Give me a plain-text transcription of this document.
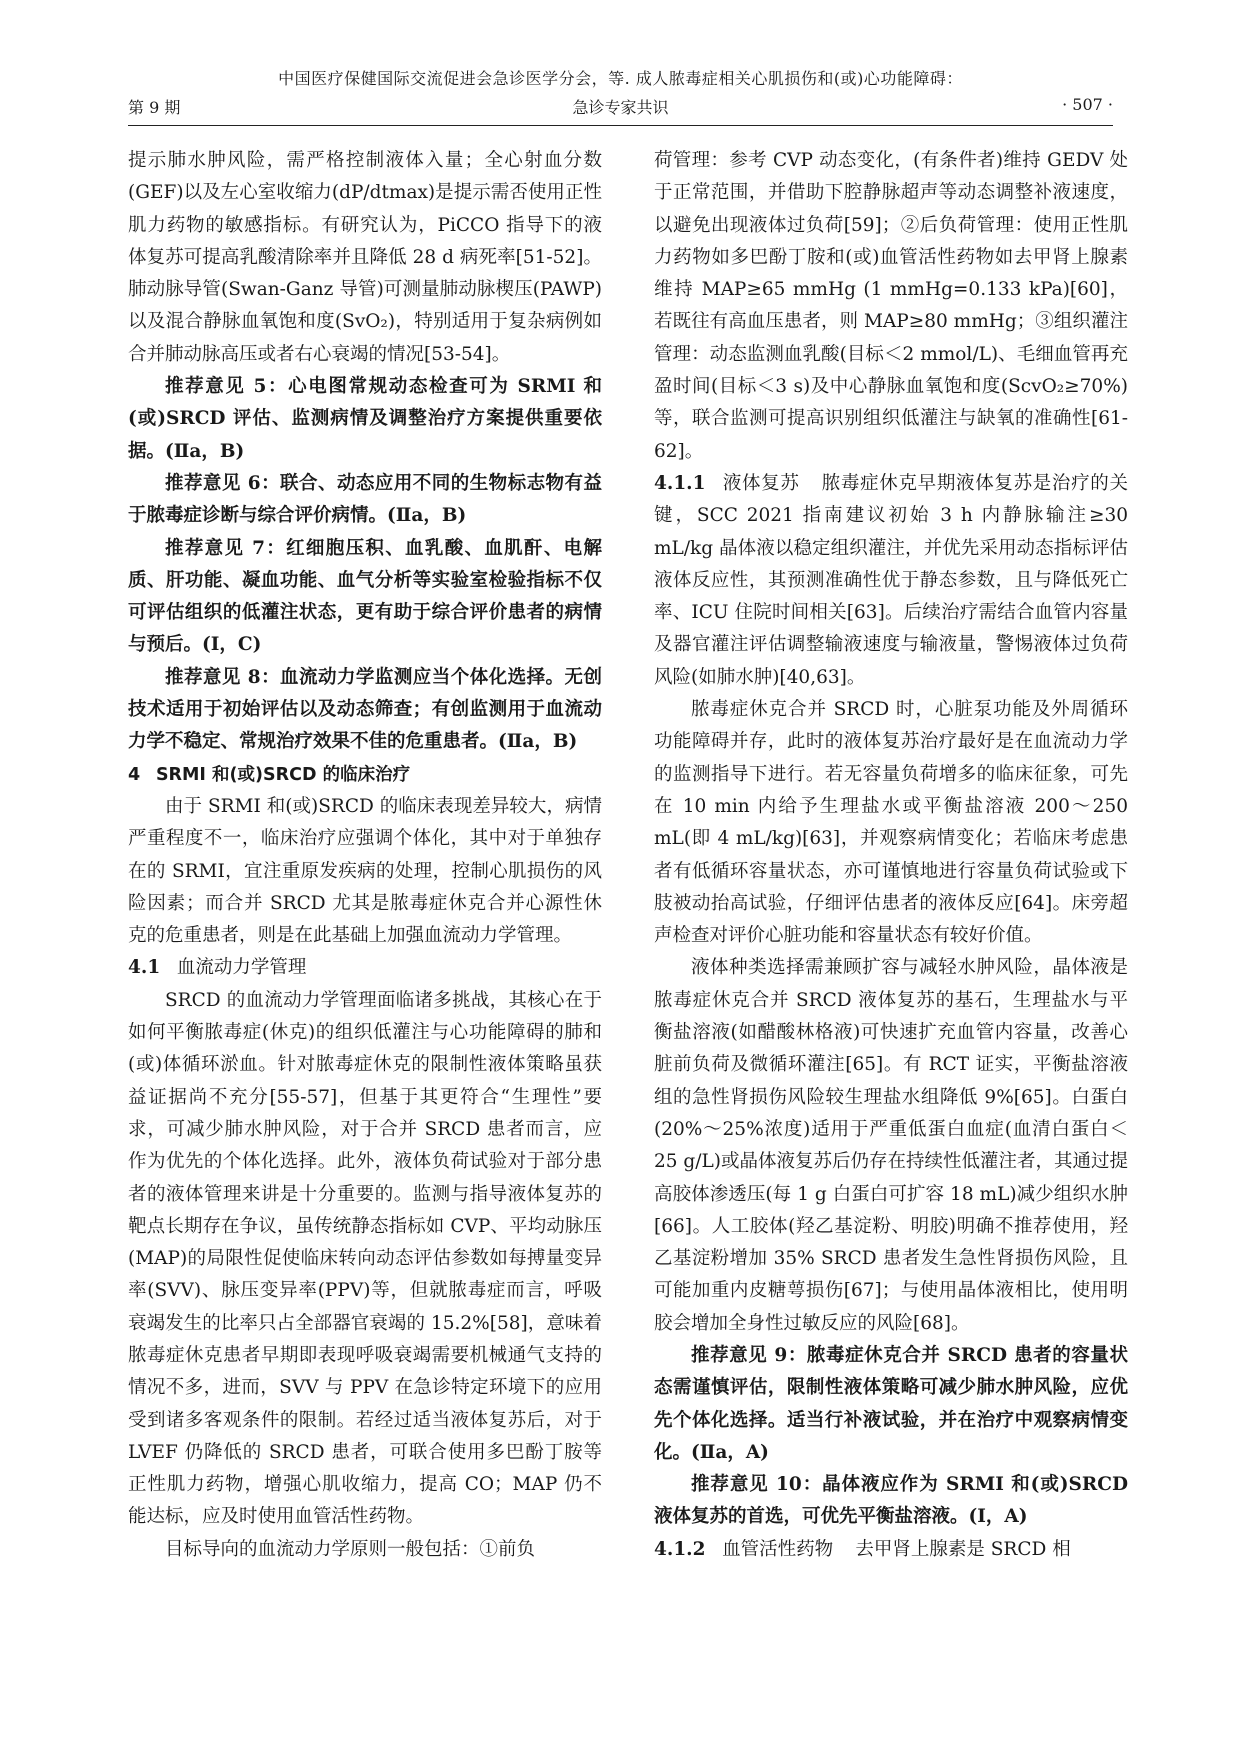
中国医疗保健国际交流促进会急诊医学分会，等. 成人脓毒症相关心肌损伤和(或)心功能障碍：
第 9 期	急诊专家共识	· 507 ·

提示肺水肿风险，需严格控制液体入量；全心射血分数(GEF)以及左心室收缩力(dP/dtmax)是提示需否使用正性肌力药物的敏感指标。有研究认为，PiCCO 指导下的液体复苏可提高乳酸清除率并且降低 28 d 病死率[51-52]。肺动脉导管(Swan-Ganz 导管)可测量肺动脉楔压(PAWP)以及混合静脉血氧饱和度(SvO₂)，特别适用于复杂病例如合并肺动脉高压或者右心衰竭的情况[53-54]。

推荐意见 5：心电图常规动态检查可为 SRMI 和(或)SRCD 评估、监测病情及调整治疗方案提供重要依据。(Ⅱa，B)

推荐意见 6：联合、动态应用不同的生物标志物有益于脓毒症诊断与综合评价病情。(Ⅱa，B)

推荐意见 7：红细胞压积、血乳酸、血肌酐、电解质、肝功能、凝血功能、血气分析等实验室检验指标不仅可评估组织的低灌注状态，更有助于综合评价患者的病情与预后。(Ⅰ，C)

推荐意见 8：血流动力学监测应当个体化选择。无创技术适用于初始评估以及动态筛查；有创监测用于血流动力学不稳定、常规治疗效果不佳的危重患者。(Ⅱa，B)

4 SRMI 和(或)SRCD 的临床治疗

由于 SRMI 和(或)SRCD 的临床表现差异较大，病情严重程度不一，临床治疗应强调个体化，其中对于单独存在的 SRMI，宜注重原发疾病的处理，控制心肌损伤的风险因素；而合并 SRCD 尤其是脓毒症休克合并心源性休克的危重患者，则是在此基础上加强血流动力学管理。

4.1 血流动力学管理

SRCD 的血流动力学管理面临诸多挑战，其核心在于如何平衡脓毒症(休克)的组织低灌注与心功能障碍的肺和(或)体循环淤血。针对脓毒症休克的限制性液体策略虽获益证据尚不充分[55-57]，但基于其更符合“生理性”要求，可减少肺水肿风险，对于合并 SRCD 患者而言，应作为优先的个体化选择。此外，液体负荷试验对于部分患者的液体管理来讲是十分重要的。监测与指导液体复苏的靶点长期存在争议，虽传统静态指标如 CVP、平均动脉压(MAP)的局限性促使临床转向动态评估参数如每搏量变异率(SVV)、脉压变异率(PPV)等，但就脓毒症而言，呼吸衰竭发生的比率只占全部器官衰竭的 15.2%[58]，意味着脓毒症休克患者早期即表现呼吸衰竭需要机械通气支持的情况不多，进而，SVV 与 PPV 在急诊特定环境下的应用受到诸多客观条件的限制。若经过适当液体复苏后，对于 LVEF 仍降低的 SRCD 患者，可联合使用多巴酚丁胺等正性肌力药物，增强心肌收缩力，提高 CO；MAP 仍不能达标，应及时使用血管活性药物。

目标导向的血流动力学原则一般包括：①前负

荷管理：参考 CVP 动态变化，(有条件者)维持 GEDV 处于正常范围，并借助下腔静脉超声等动态调整补液速度，以避免出现液体过负荷[59]；②后负荷管理：使用正性肌力药物如多巴酚丁胺和(或)血管活性药物如去甲肾上腺素维持 MAP≥65 mmHg (1 mmHg=0.133 kPa)[60]，若既往有高血压患者，则 MAP≥80 mmHg；③组织灌注管理：动态监测血乳酸(目标＜2 mmol/L)、毛细血管再充盈时间(目标＜3 s)及中心静脉血氧饱和度(ScvO₂≥70%)等，联合监测可提高识别组织低灌注与缺氧的准确性[61-62]。

4.1.1 液体复苏 脓毒症休克早期液体复苏是治疗的关键，SCC 2021 指南建议初始 3 h 内静脉输注≥30 mL/kg 晶体液以稳定组织灌注，并优先采用动态指标评估液体反应性，其预测准确性优于静态参数，且与降低死亡率、ICU 住院时间相关[63]。后续治疗需结合血管内容量及器官灌注评估调整输液速度与输液量，警惕液体过负荷风险(如肺水肿)[40,63]。

脓毒症休克合并 SRCD 时，心脏泵功能及外周循环功能障碍并存，此时的液体复苏治疗最好是在血流动力学的监测指导下进行。若无容量负荷增多的临床征象，可先在 10 min 内给予生理盐水或平衡盐溶液 200～250 mL(即 4 mL/kg)[63]，并观察病情变化；若临床考虑患者有低循环容量状态，亦可谨慎地进行容量负荷试验或下肢被动抬高试验，仔细评估患者的液体反应[64]。床旁超声检查对评价心脏功能和容量状态有较好价值。

液体种类选择需兼顾扩容与减轻水肿风险，晶体液是脓毒症休克合并 SRCD 液体复苏的基石，生理盐水与平衡盐溶液(如醋酸林格液)可快速扩充血管内容量，改善心脏前负荷及微循环灌注[65]。有 RCT 证实，平衡盐溶液组的急性肾损伤风险较生理盐水组降低 9%[65]。白蛋白(20%～25%浓度)适用于严重低蛋白血症(血清白蛋白＜25 g/L)或晶体液复苏后仍存在持续性低灌注者，其通过提高胶体渗透压(每 1 g 白蛋白可扩容 18 mL)减少组织水肿[66]。人工胶体(羟乙基淀粉、明胶)明确不推荐使用，羟乙基淀粉增加 35% SRCD 患者发生急性肾损伤风险，且可能加重内皮糖萼损伤[67]；与使用晶体液相比，使用明胶会增加全身性过敏反应的风险[68]。

推荐意见 9：脓毒症休克合并 SRCD 患者的容量状态需谨慎评估，限制性液体策略可减少肺水肿风险，应优先个体化选择。适当行补液试验，并在治疗中观察病情变化。(Ⅱa，A)

推荐意见 10：晶体液应作为 SRMI 和(或)SRCD 液体复苏的首选，可优先平衡盐溶液。(Ⅰ，A)

4.1.2 血管活性药物 去甲肾上腺素是 SRCD 相
